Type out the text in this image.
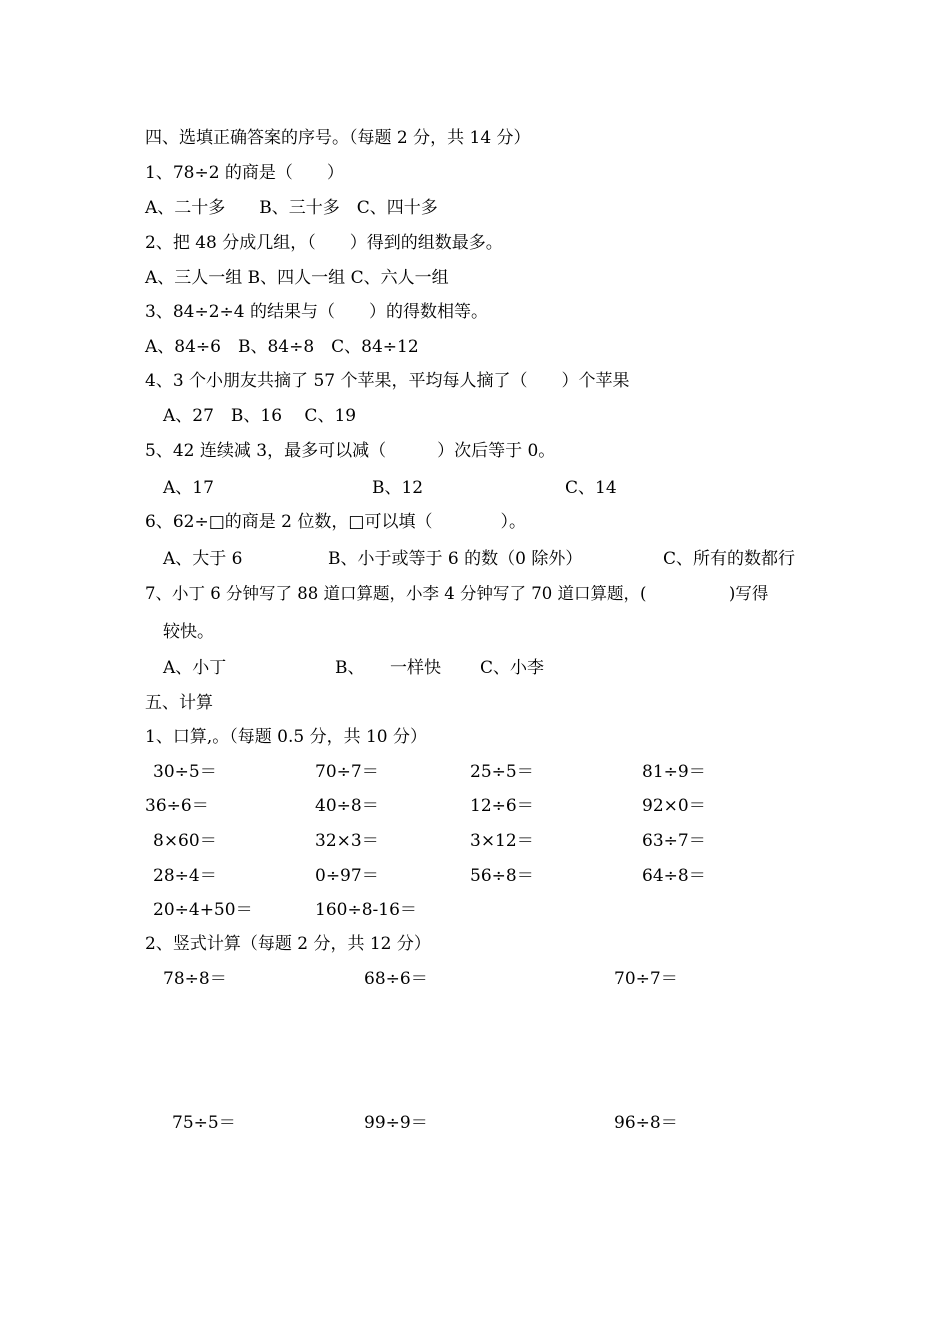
四、选填正确答案的序号。（每题 2 分，共 14 分）
1、78÷2 的商是（　　）
A、二十多　　B、三十多　C、四十多
2、把 48 分成几组，（　　）得到的组数最多。
A、三人一组 B、四人一组 C、六人一组
3、84÷2÷4 的结果与（　　）的得数相等。
A、84÷6　B、84÷8　C、84÷12
4、3 个小朋友共摘了 57 个苹果，平均每人摘了（　　）个苹果
A、27　B、16　 C、19
5、42 连续减 3，最多可以减（　　　）次后等于 0。
A、17	B、12	C、14
6、62÷□的商是 2 位数，□可以填（　　　　）。
A、大于 6	B、小于或等于 6 的数（0 除外）	C、所有的数都行
7、小丁 6 分钟写了 88 道口算题，小李 4 分钟写了 70 道口算题，(　　　　　)写得
较快。
A、小丁	B、　　一样快 C、小李
五、计算
1、口算,。（每题 0.5 分，共 10 分）
30÷5＝	70÷7＝	25÷5＝	81÷9＝
36÷6＝	40÷8＝	12÷6＝	92×0＝
8×60＝	32×3＝	3×12＝	63÷7＝
28÷4＝	0÷97＝	56÷8＝	64÷8＝
20÷4+50＝	160÷8-16＝
2、竖式计算（每题 2 分，共 12 分）
78÷8＝	68÷6＝	70÷7＝
75÷5＝	99÷9＝	96÷8＝
